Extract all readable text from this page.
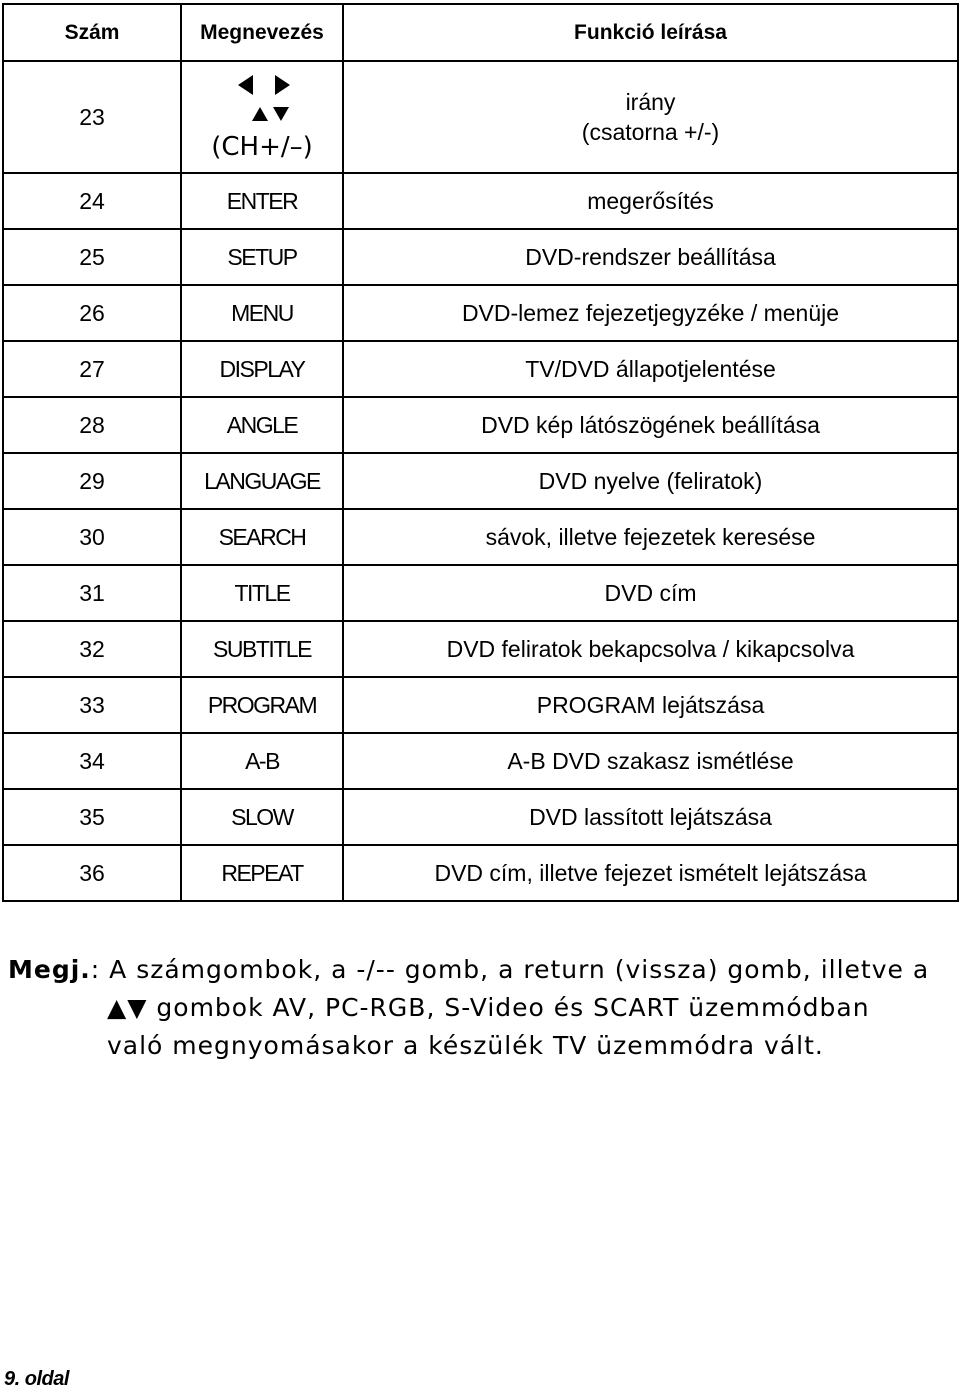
Szám	Megnevezés	Funkció leírása
23	(CH+/–)	irány
(csatorna +/-)

24	ENTER	megerősítés
25	SETUP	DVD-rendszer beállítása
26	MENU	DVD-lemez fejezetjegyzéke / menüje
27	DISPLAY	TV/DVD állapotjelentése
28	ANGLE	DVD kép látószögének beállítása
29	LANGUAGE	DVD nyelve (feliratok)
30	SEARCH	sávok, illetve fejezetek keresése
31	TITLE	DVD cím
32	SUBTITLE	DVD feliratok bekapcsolva / kikapcsolva
33	PROGRAM	PROGRAM lejátszása
34	A-B	A-B DVD szakasz ismétlése
35	SLOW	DVD lassított lejátszása
36	REPEAT	DVD cím, illetve fejezet ismételt lejátszása
Megj.: A számgombok, a -/-- gomb, a return (vissza) gomb, illetve a
▲▼ gombok AV, PC-RGB, S-Video és SCART üzemmódban
való megnyomásakor a készülék TV üzemmódra vált.
9. oldal
